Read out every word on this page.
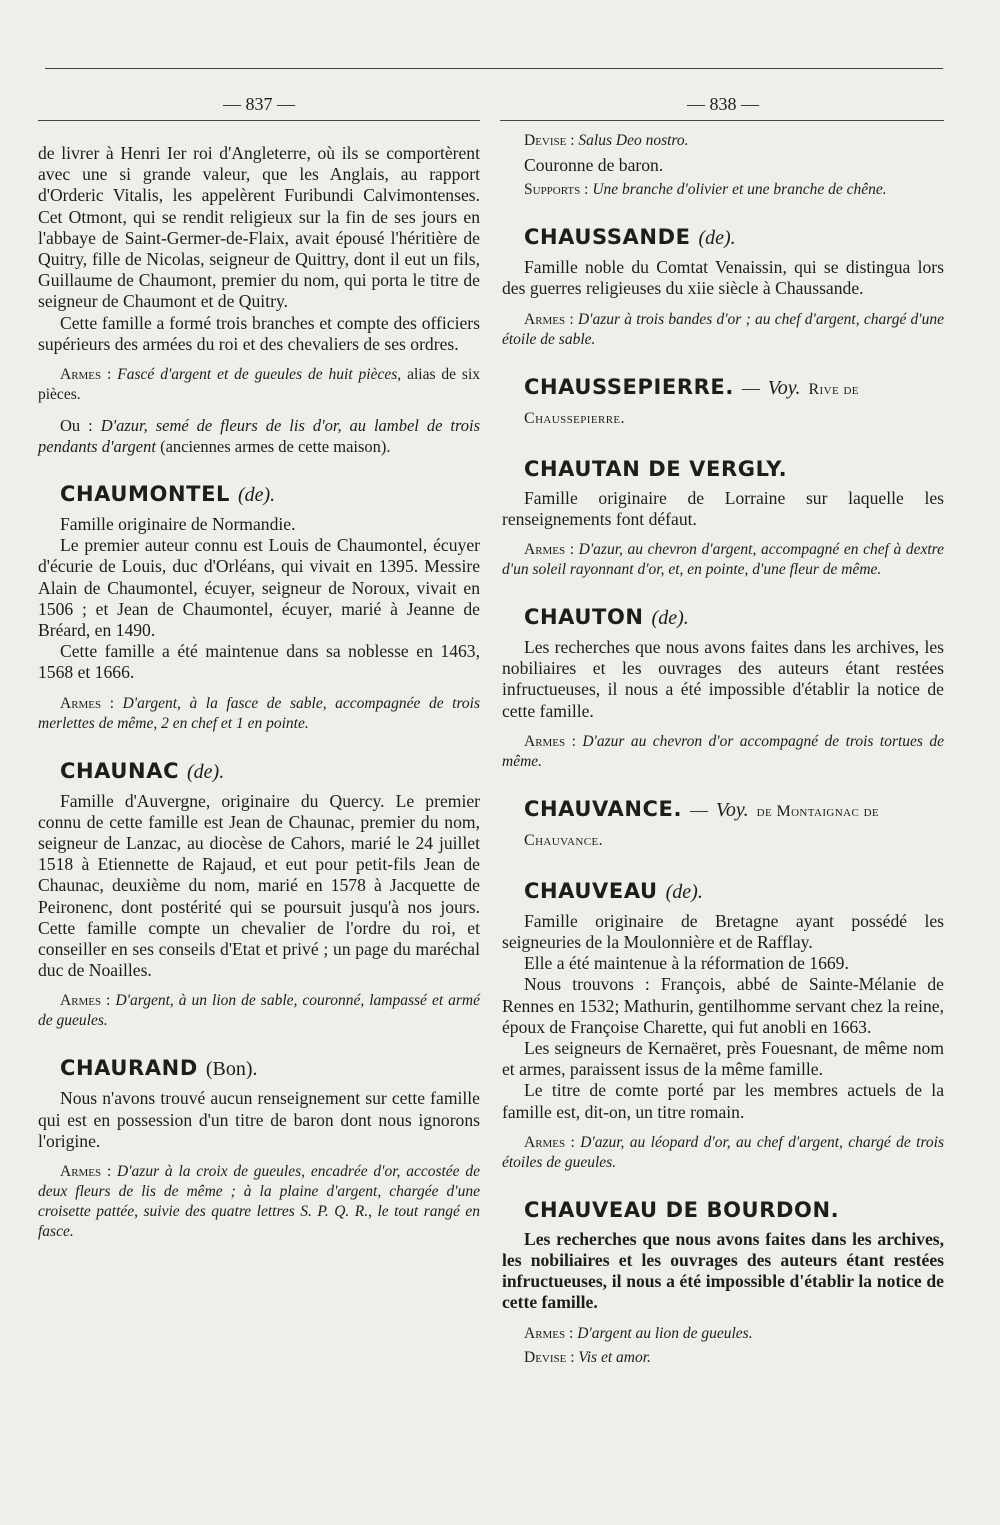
— 837 —

de livrer à Henri Ier roi d'Angleterre, où ils se comportèrent avec une si grande valeur, que les Anglais, au rapport d'Orderic Vitalis, les appelèrent Furibundi Calvimontenses. Cet Otmont, qui se rendit religieux sur la fin de ses jours en l'abbaye de Saint-Germer-de-Flaix, avait épousé l'héritière de Quitry, fille de Nicolas, seigneur de Quittry, dont il eut un fils, Guillaume de Chaumont, premier du nom, qui porta le titre de seigneur de Chaumont et de Quitry.

Cette famille a formé trois branches et compte des officiers supérieurs des armées du roi et des chevaliers de ses ordres.

Armes : Fascé d'argent et de gueules de huit pièces, alias de six pièces.
Ou : D'azur, semé de fleurs de lis d'or, au lambel de trois pendants d'argent (anciennes armes de cette maison).
CHAUMONTEL (de).

Famille originaire de Normandie.

Le premier auteur connu est Louis de Chaumontel, écuyer d'écurie de Louis, duc d'Orléans, qui vivait en 1395. Messire Alain de Chaumontel, écuyer, seigneur de Noroux, vivait en 1506 ; et Jean de Chaumontel, écuyer, marié à Jeanne de Bréard, en 1490.

Cette famille a été maintenue dans sa noblesse en 1463, 1568 et 1666.

Armes : D'argent, à la fasce de sable, accompagnée de trois merlettes de même, 2 en chef et 1 en pointe.
CHAUNAC (de).

Famille d'Auvergne, originaire du Quercy. Le premier connu de cette famille est Jean de Chaunac, premier du nom, seigneur de Lanzac, au diocèse de Cahors, marié le 24 juillet 1518 à Etiennette de Rajaud, et eut pour petit-fils Jean de Chaunac, deuxième du nom, marié en 1578 à Jacquette de Peironenc, dont postérité qui se poursuit jusqu'à nos jours. Cette famille compte un chevalier de l'ordre du roi, et conseiller en ses conseils d'Etat et privé ; un page du maréchal duc de Noailles.

Armes : D'argent, à un lion de sable, couronné, lampassé et armé de gueules.
CHAURAND (Bon).

Nous n'avons trouvé aucun renseignement sur cette famille qui est en possession d'un titre de baron dont nous ignorons l'origine.

Armes : D'azur à la croix de gueules, encadrée d'or, accostée de deux fleurs de lis de même ; à la plaine d'argent, chargée d'une croisette pattée, suivie des quatre lettres S. P. Q. R., le tout rangé en fasce.
— 838 —
Devise : Salus Deo nostro.

Couronne de baron.

Supports : Une branche d'olivier et une branche de chêne.
CHAUSSANDE (de).

Famille noble du Comtat Venaissin, qui se distingua lors des guerres religieuses du xiie siècle à Chaussande.

Armes : D'azur à trois bandes d'or ; au chef d'argent, chargé d'une étoile de sable.
CHAUSSEPIERRE. — Voy. Rive de Chaussepierre.
CHAUTAN DE VERGLY.

Famille originaire de Lorraine sur laquelle les renseignements font défaut.

Armes : D'azur, au chevron d'argent, accompagné en chef à dextre d'un soleil rayonnant d'or, et, en pointe, d'une fleur de même.
CHAUTON (de).

Les recherches que nous avons faites dans les archives, les nobiliaires et les ouvrages des auteurs étant restées infructueuses, il nous a été impossible d'établir la notice de cette famille.

Armes : D'azur au chevron d'or accompagné de trois tortues de même.
CHAUVANCE. — Voy. de Montaignac de Chauvance.
CHAUVEAU (de).

Famille originaire de Bretagne ayant possédé les seigneuries de la Moulonnière et de Rafflay.

Elle a été maintenue à la réformation de 1669.

Nous trouvons : François, abbé de Sainte-Mélanie de Rennes en 1532; Mathurin, gentilhomme servant chez la reine, époux de Françoise Charette, qui fut anobli en 1663.

Les seigneurs de Kernaëret, près Fouesnant, de même nom et armes, paraissent issus de la même famille.

Le titre de comte porté par les membres actuels de la famille est, dit-on, un titre romain.

Armes : D'azur, au léopard d'or, au chef d'argent, chargé de trois étoiles de gueules.
CHAUVEAU DE BOURDON.

Les recherches que nous avons faites dans les archives, les nobiliaires et les ouvrages des auteurs étant restées infructueuses, il nous a été impossible d'établir la notice de cette famille.

Armes : D'argent au lion de gueules.
Devise : Vis et amor.
